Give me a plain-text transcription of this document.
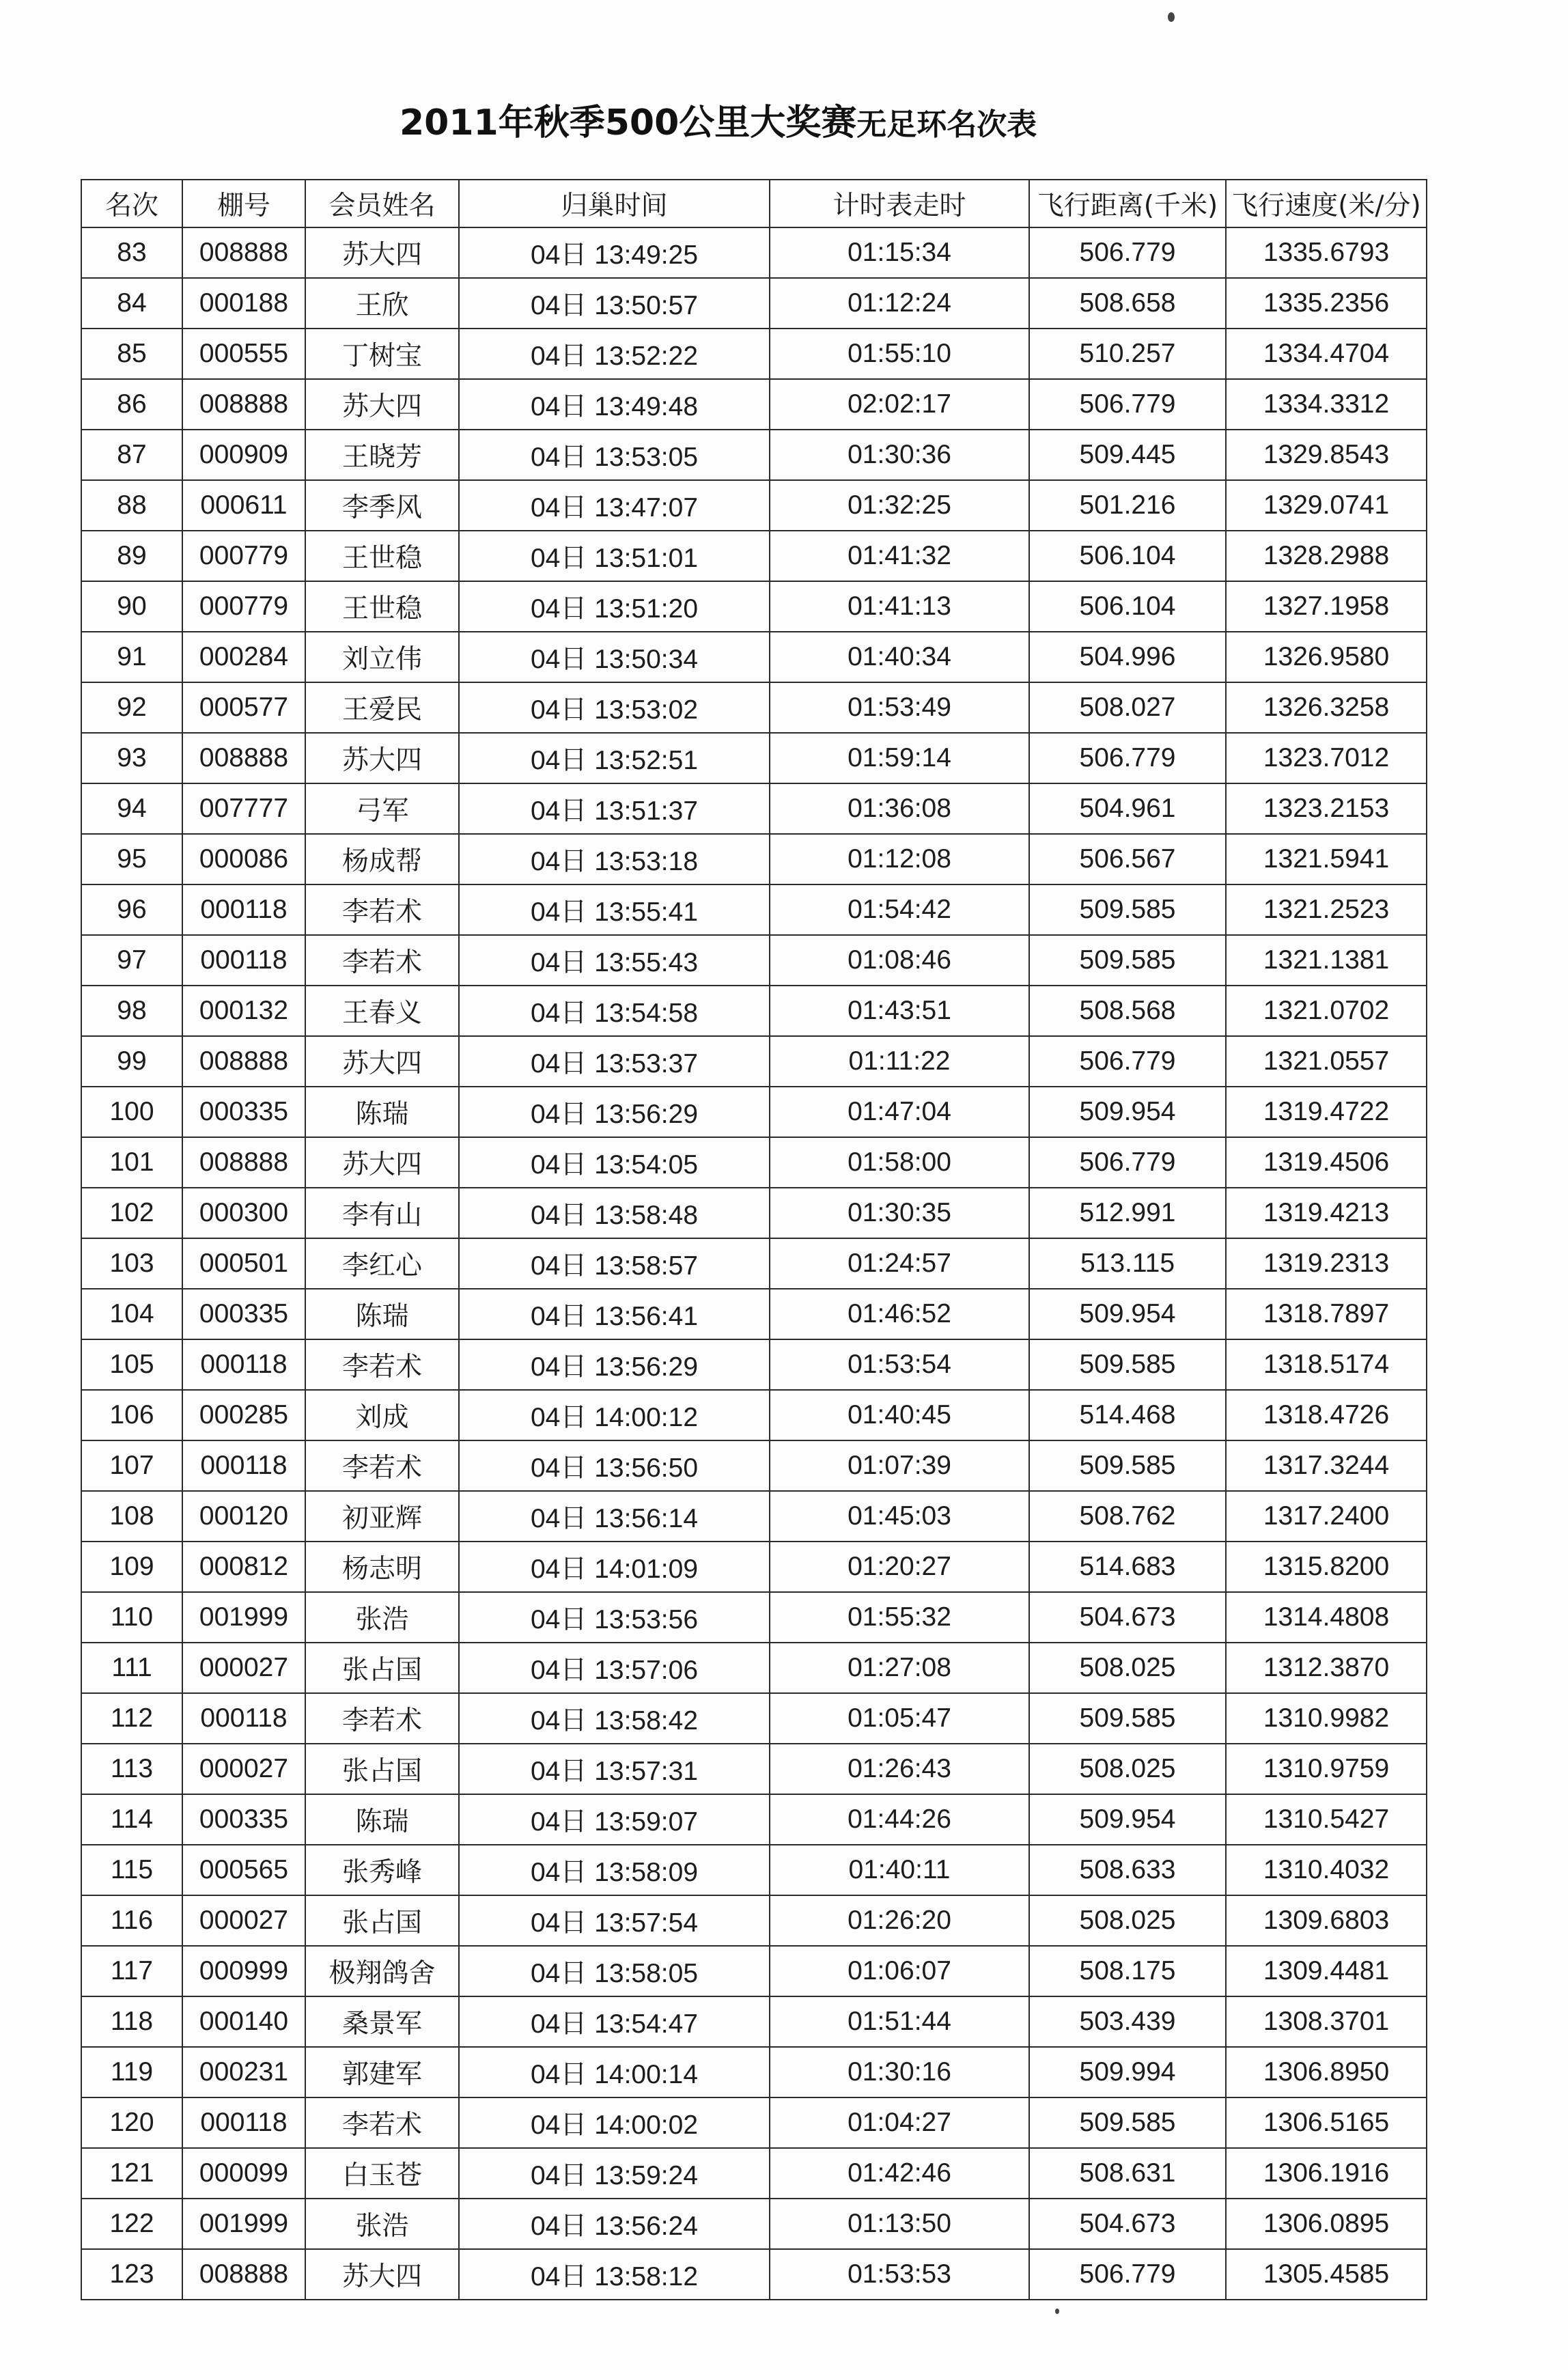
2011年秋季500公里大奖赛无足环名次表
名次	棚号	会员姓名	归巢时间	计时表走时	飞行距离(千米)	飞行速度(米/分)
83	008888	苏大四	04日 13:49:25	01:15:34	506.779	1335.6793
84	000188	王欣	04日 13:50:57	01:12:24	508.658	1335.2356
85	000555	丁树宝	04日 13:52:22	01:55:10	510.257	1334.4704
86	008888	苏大四	04日 13:49:48	02:02:17	506.779	1334.3312
87	000909	王晓芳	04日 13:53:05	01:30:36	509.445	1329.8543
88	000611	李季风	04日 13:47:07	01:32:25	501.216	1329.0741
89	000779	王世稳	04日 13:51:01	01:41:32	506.104	1328.2988
90	000779	王世稳	04日 13:51:20	01:41:13	506.104	1327.1958
91	000284	刘立伟	04日 13:50:34	01:40:34	504.996	1326.9580
92	000577	王爱民	04日 13:53:02	01:53:49	508.027	1326.3258
93	008888	苏大四	04日 13:52:51	01:59:14	506.779	1323.7012
94	007777	弓军	04日 13:51:37	01:36:08	504.961	1323.2153
95	000086	杨成帮	04日 13:53:18	01:12:08	506.567	1321.5941
96	000118	李若术	04日 13:55:41	01:54:42	509.585	1321.2523
97	000118	李若术	04日 13:55:43	01:08:46	509.585	1321.1381
98	000132	王春义	04日 13:54:58	01:43:51	508.568	1321.0702
99	008888	苏大四	04日 13:53:37	01:11:22	506.779	1321.0557
100	000335	陈瑞	04日 13:56:29	01:47:04	509.954	1319.4722
101	008888	苏大四	04日 13:54:05	01:58:00	506.779	1319.4506
102	000300	李有山	04日 13:58:48	01:30:35	512.991	1319.4213
103	000501	李红心	04日 13:58:57	01:24:57	513.115	1319.2313
104	000335	陈瑞	04日 13:56:41	01:46:52	509.954	1318.7897
105	000118	李若术	04日 13:56:29	01:53:54	509.585	1318.5174
106	000285	刘成	04日 14:00:12	01:40:45	514.468	1318.4726
107	000118	李若术	04日 13:56:50	01:07:39	509.585	1317.3244
108	000120	初亚辉	04日 13:56:14	01:45:03	508.762	1317.2400
109	000812	杨志明	04日 14:01:09	01:20:27	514.683	1315.8200
110	001999	张浩	04日 13:53:56	01:55:32	504.673	1314.4808
111	000027	张占国	04日 13:57:06	01:27:08	508.025	1312.3870
112	000118	李若术	04日 13:58:42	01:05:47	509.585	1310.9982
113	000027	张占国	04日 13:57:31	01:26:43	508.025	1310.9759
114	000335	陈瑞	04日 13:59:07	01:44:26	509.954	1310.5427
115	000565	张秀峰	04日 13:58:09	01:40:11	508.633	1310.4032
116	000027	张占国	04日 13:57:54	01:26:20	508.025	1309.6803
117	000999	极翔鸽舍	04日 13:58:05	01:06:07	508.175	1309.4481
118	000140	桑景军	04日 13:54:47	01:51:44	503.439	1308.3701
119	000231	郭建军	04日 14:00:14	01:30:16	509.994	1306.8950
120	000118	李若术	04日 14:00:02	01:04:27	509.585	1306.5165
121	000099	白玉苍	04日 13:59:24	01:42:46	508.631	1306.1916
122	001999	张浩	04日 13:56:24	01:13:50	504.673	1306.0895
123	008888	苏大四	04日 13:58:12	01:53:53	506.779	1305.4585
